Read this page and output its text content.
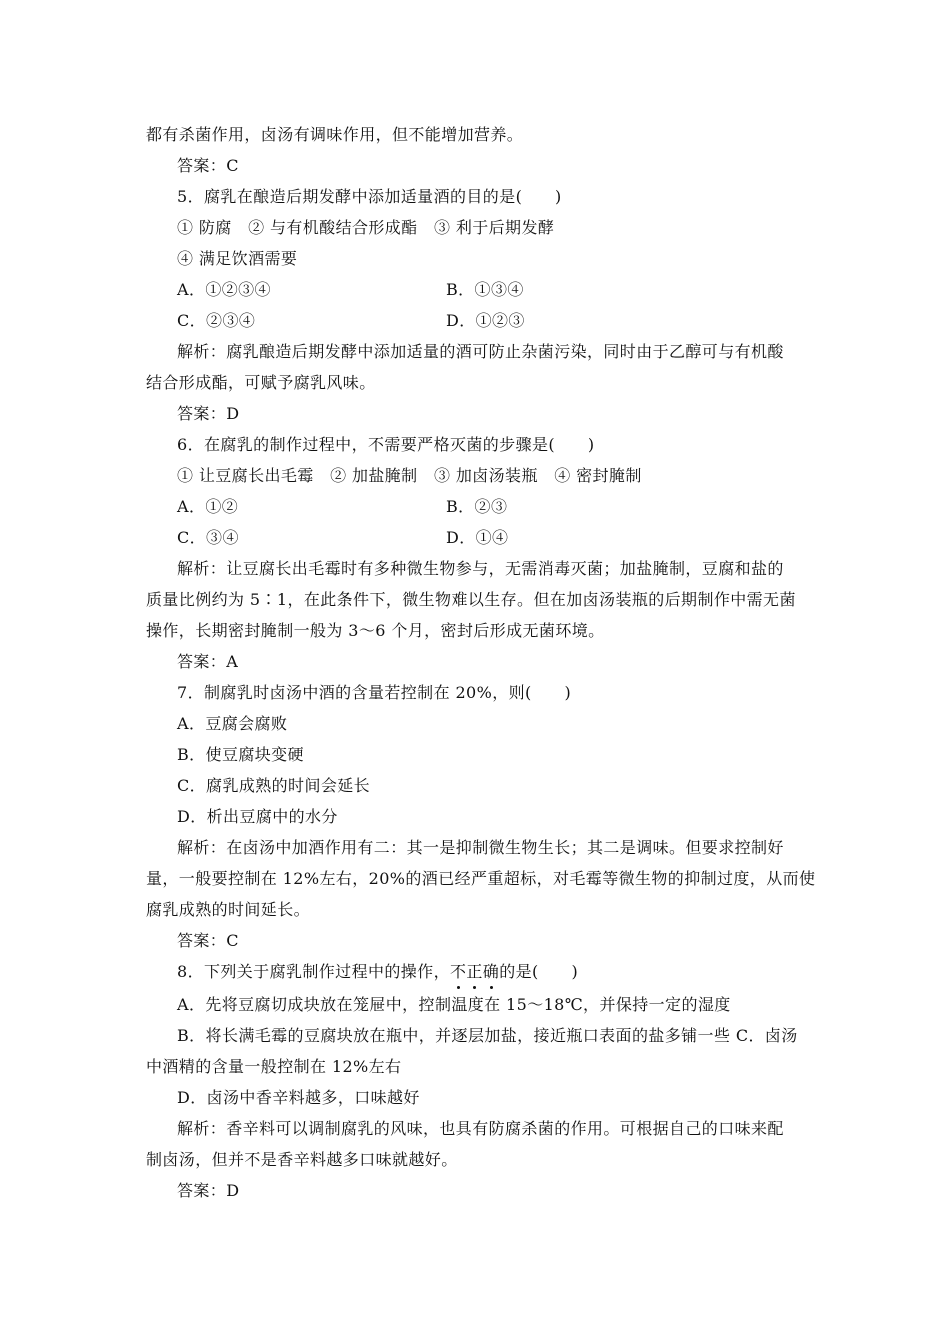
都有杀菌作用，卤汤有调味作用，但不能增加营养。
答案：C
5．腐乳在酿造后期发酵中添加适量酒的目的是(　　)
① 防腐　② 与有机酸结合形成酯　③ 利于后期发酵
④ 满足饮酒需要
A．①②③④	B．①③④
C．②③④	D．①②③
解析：腐乳酿造后期发酵中添加适量的酒可防止杂菌污染，同时由于乙醇可与有机酸
结合形成酯，可赋予腐乳风味。
答案：D
6．在腐乳的制作过程中，不需要严格灭菌的步骤是(　　)
① 让豆腐长出毛霉　② 加盐腌制　③ 加卤汤装瓶　④ 密封腌制
A．①②	B．②③
C．③④	D．①④
解析：让豆腐长出毛霉时有多种微生物参与，无需消毒灭菌；加盐腌制，豆腐和盐的
质量比例约为 5∶1，在此条件下，微生物难以生存。但在加卤汤装瓶的后期制作中需无菌
操作，长期密封腌制一般为 3～6 个月，密封后形成无菌环境。
答案：A
7．制腐乳时卤汤中酒的含量若控制在 20%，则(　　)
A．豆腐会腐败
B．使豆腐块变硬
C．腐乳成熟的时间会延长
D．析出豆腐中的水分
解析：在卤汤中加酒作用有二：其一是抑制微生物生长；其二是调味。但要求控制好
量，一般要控制在 12%左右，20%的酒已经严重超标，对毛霉等微生物的抑制过度，从而使
腐乳成熟的时间延长。
答案：C
8．下列关于腐乳制作过程中的操作，不正确的是(　　)
A．先将豆腐切成块放在笼屉中，控制温度在 15～18℃，并保持一定的湿度
B．将长满毛霉的豆腐块放在瓶中，并逐层加盐，接近瓶口表面的盐多铺一些 C．卤汤
中酒精的含量一般控制在 12%左右
D．卤汤中香辛料越多，口味越好
解析：香辛料可以调制腐乳的风味，也具有防腐杀菌的作用。可根据自己的口味来配
制卤汤，但并不是香辛料越多口味就越好。
答案：D
